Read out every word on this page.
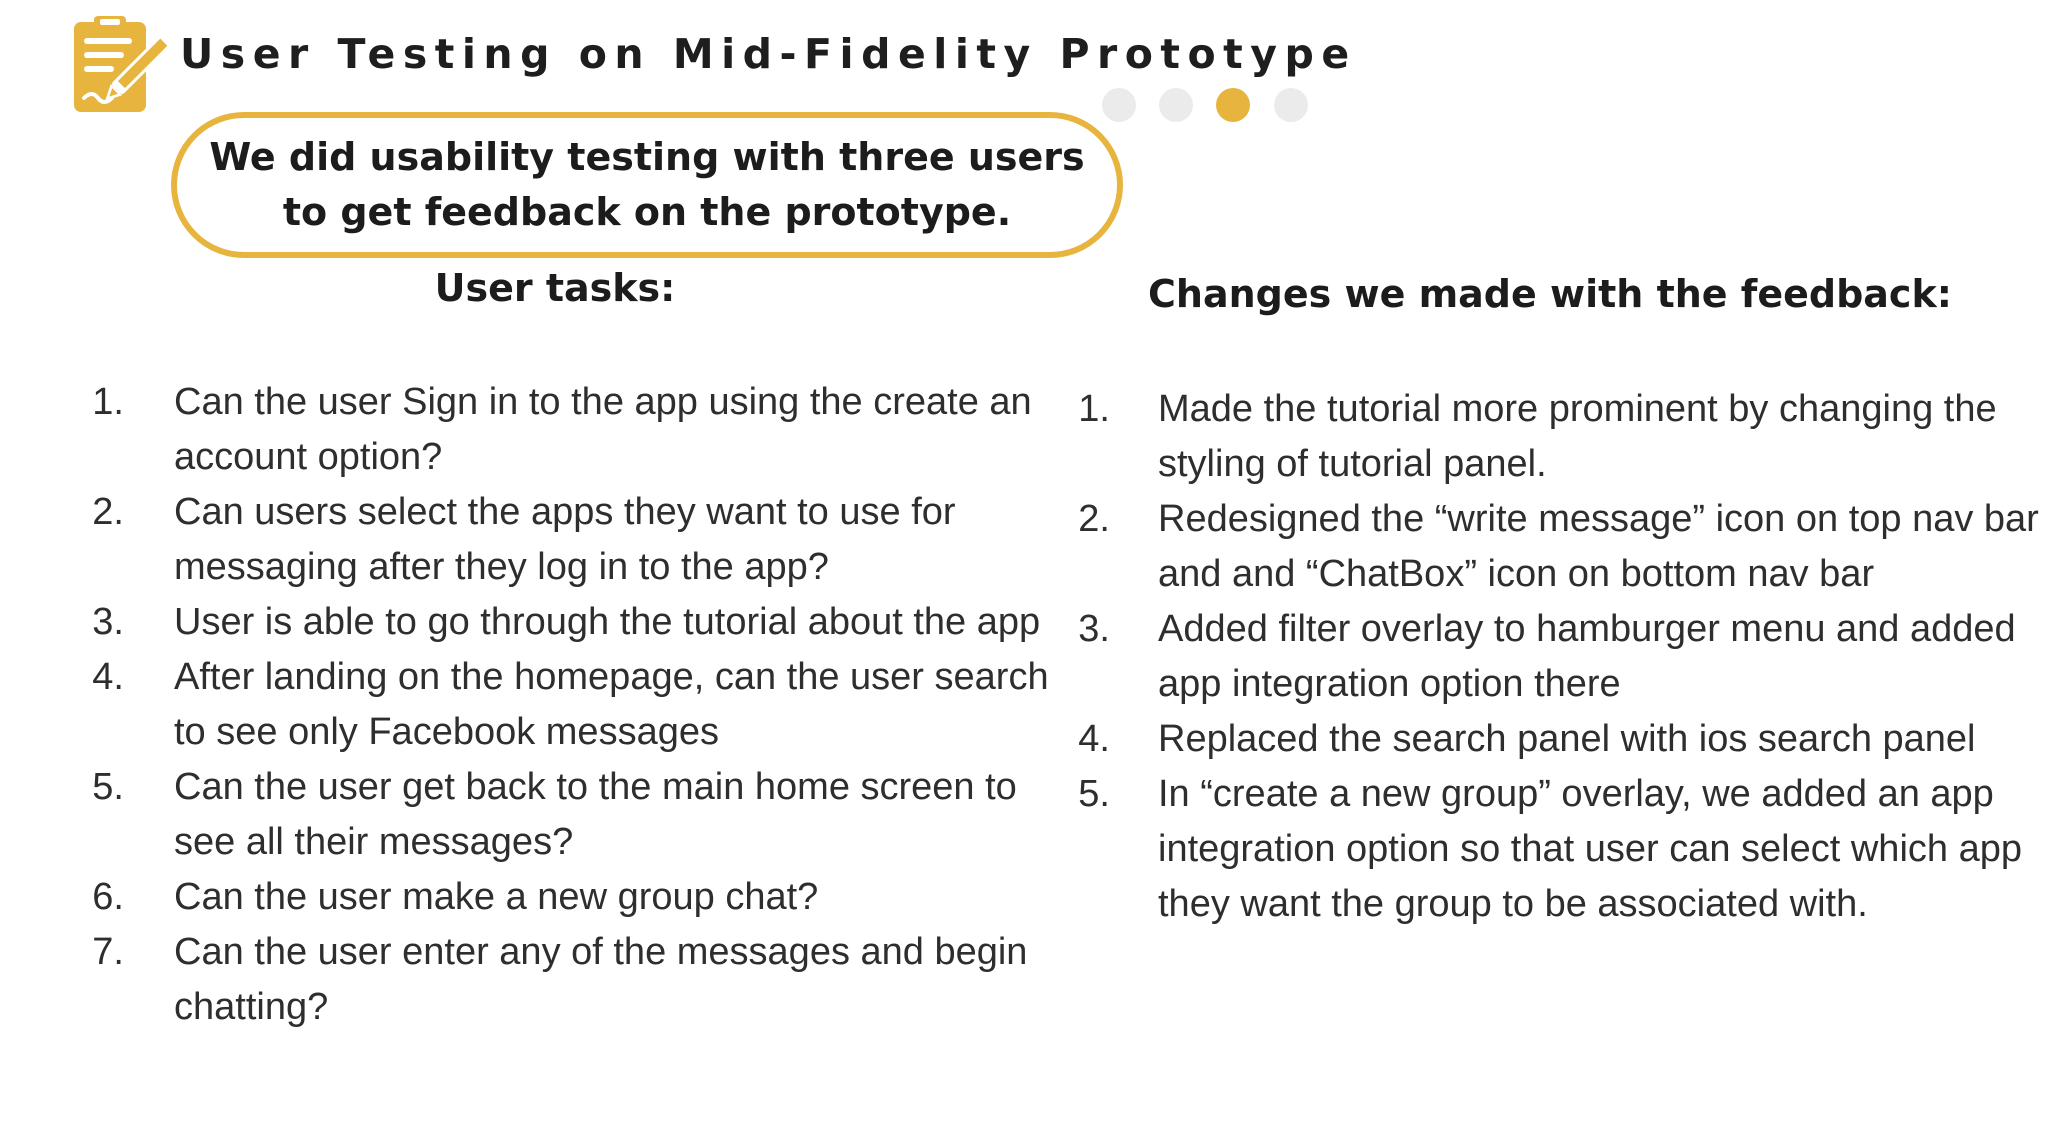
User Testing on Mid-Fidelity Prototype
We did usability testing with three users to get feedback on the prototype.
User tasks:	Changes we made with the feedback:
1. Can the user Sign in to the app using the create an account option?
2. Can users select the apps they want to use for messaging after they log in to the app?
3. User is able to go through the tutorial about the app
4. After landing on the homepage, can the user search to see only Facebook messages
5. Can the user get back to the main home screen to see all their messages?
6. Can the user make a new group chat?
7. Can the user enter any of the messages and begin chatting?
1. Made the tutorial more prominent by changing the styling of tutorial panel.
2. Redesigned the “write message” icon on top nav bar and and “ChatBox” icon on bottom nav bar
3. Added filter overlay to hamburger menu and added app integration option there
4. Replaced the search panel with ios search panel
5. In “create a new group” overlay, we added an app integration option so that user can select which app they want the group to be associated with.
